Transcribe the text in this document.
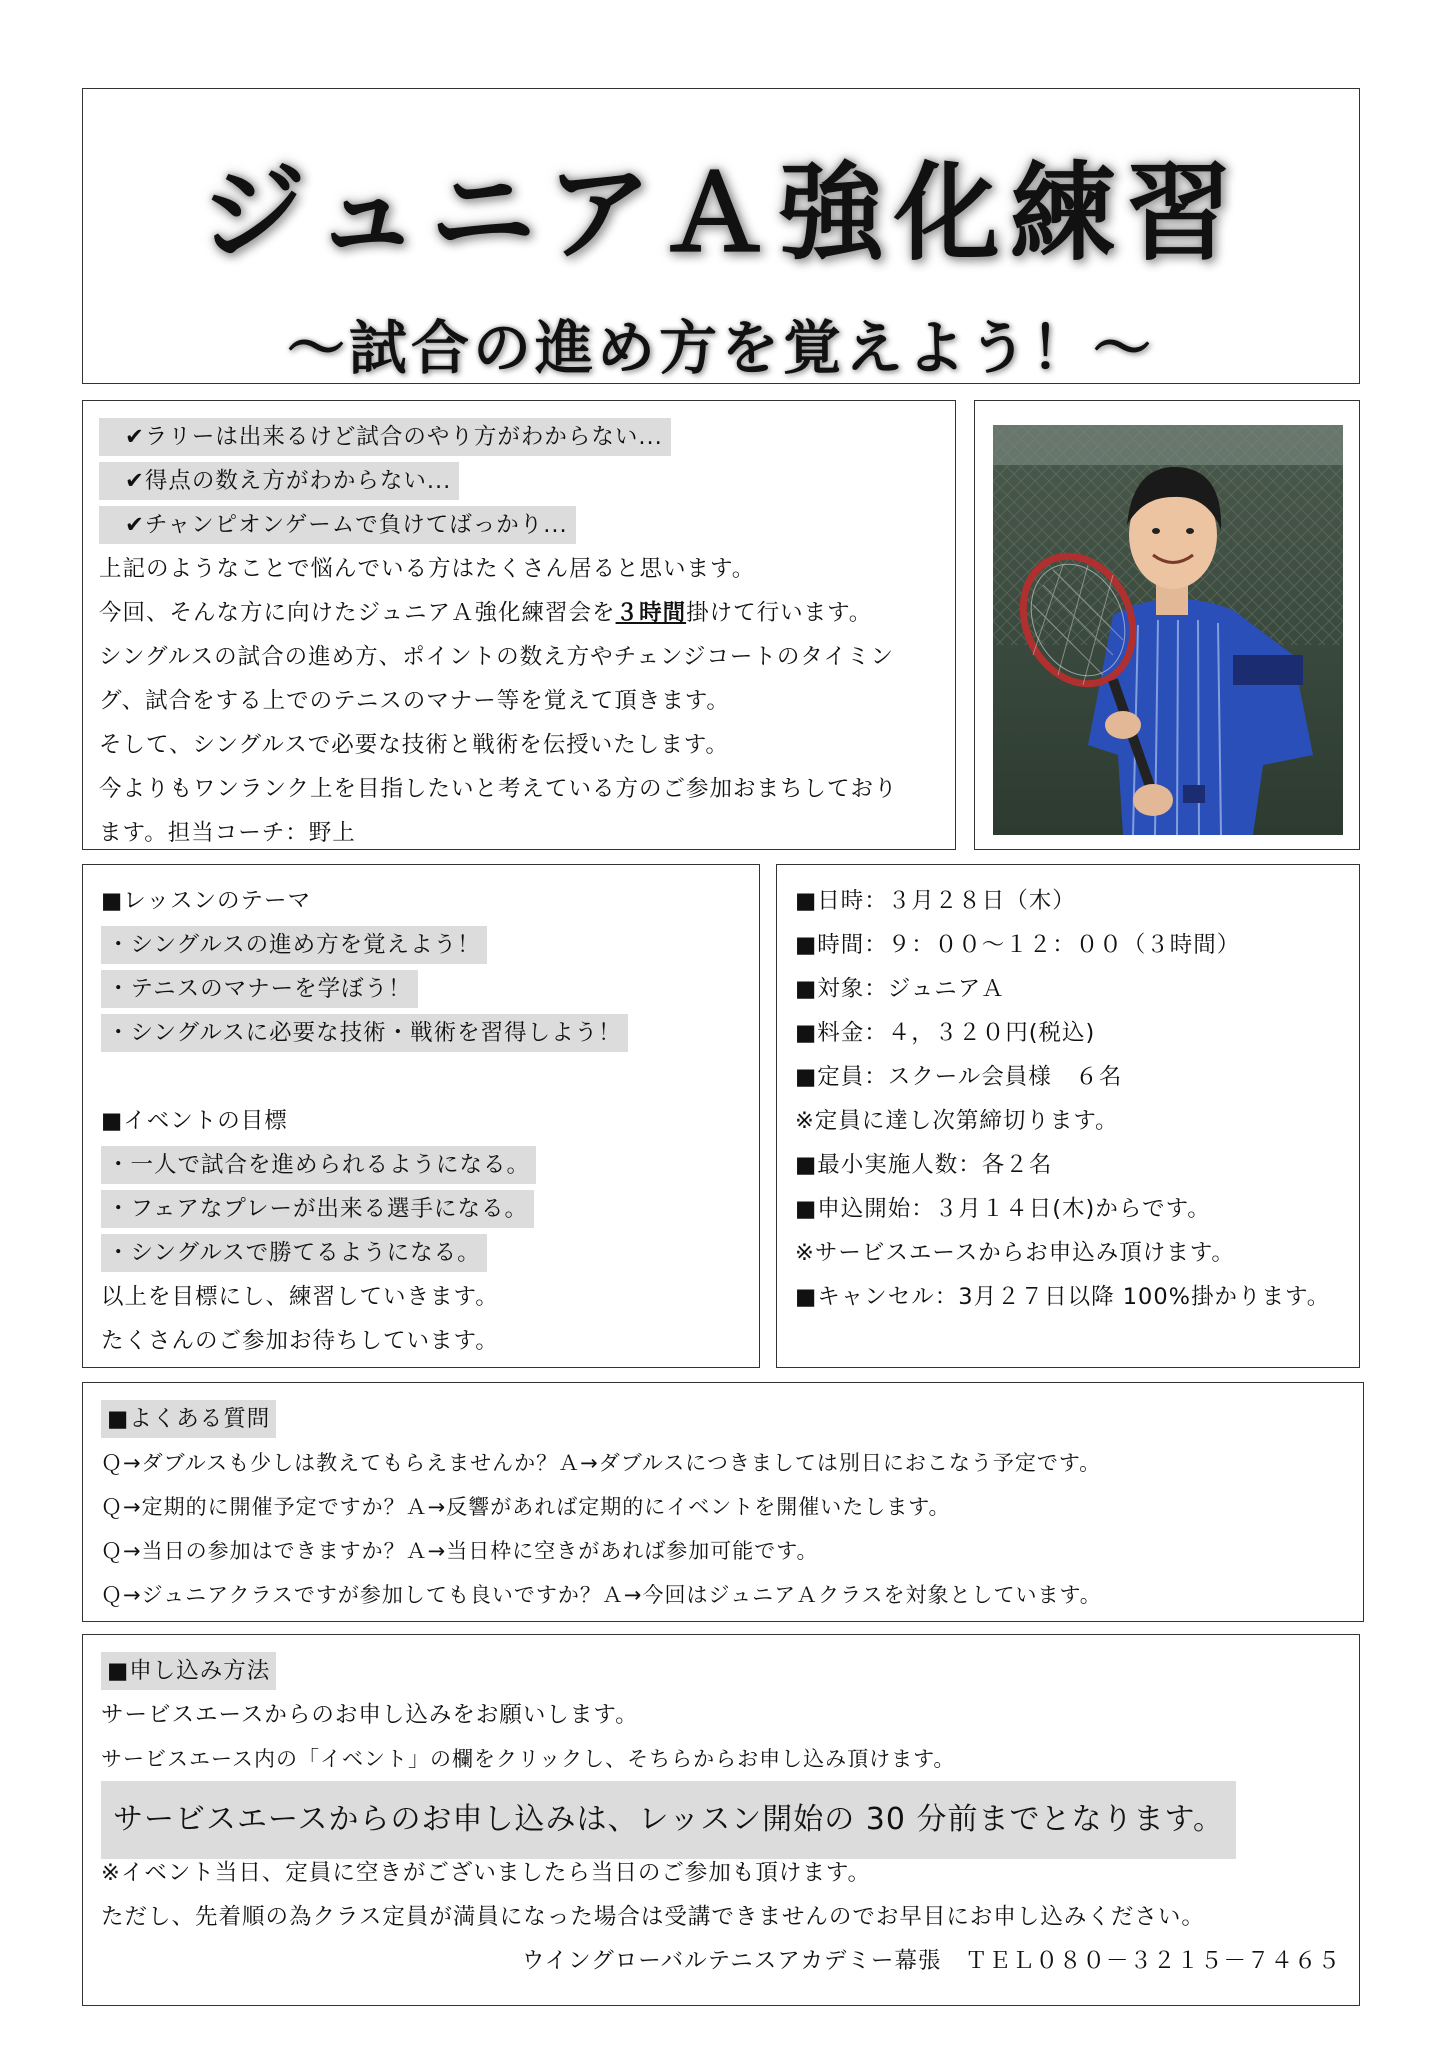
ジュニアＡ強化練習
～試合の進め方を覚えよう！～
✔ラリーは出来るけど試合のやり方がわからない...
✔得点の数え方がわからない...
✔チャンピオンゲームで負けてばっかり...
上記のようなことで悩んでいる方はたくさん居ると思います。
今回、そんな方に向けたジュニアＡ強化練習会を３時間掛けて行います。
シングルスの試合の進め方、ポイントの数え方やチェンジコートのタイミン
グ、試合をする上でのテニスのマナー等を覚えて頂きます。
そして、シングルスで必要な技術と戦術を伝授いたします。
今よりもワンランク上を目指したいと考えている方のご参加おまちしており
ます。担当コーチ：野上
■レッスンのテーマ
・シングルスの進め方を覚えよう！
・テニスのマナーを学ぼう！
・シングルスに必要な技術・戦術を習得しよう！
■イベントの目標
・一人で試合を進められるようになる。
・フェアなプレーが出来る選手になる。
・シングルスで勝てるようになる。
以上を目標にし、練習していきます。
たくさんのご参加お待ちしています。
■日時：３月２８日（木）
■時間：９：００～１２：００（３時間）
■対象：ジュニアＡ
■料金：４，３２０円(税込)
■定員：スクール会員様　６名
※定員に達し次第締切ります。
■最小実施人数：各２名
■申込開始：３月１４日(木)からです。
※サービスエースからお申込み頂けます。
■キャンセル：3月２７日以降 100%掛かります。
■よくある質問
Ｑ→ダブルスも少しは教えてもらえませんか？Ａ→ダブルスにつきましては別日におこなう予定です。
Ｑ→定期的に開催予定ですか？Ａ→反響があれば定期的にイベントを開催いたします。
Ｑ→当日の参加はできますか？Ａ→当日枠に空きがあれば参加可能です。
Ｑ→ジュニアクラスですが参加しても良いですか？Ａ→今回はジュニアＡクラスを対象としています。
■申し込み方法
サービスエースからのお申し込みをお願いします。
サービスエース内の「イベント」の欄をクリックし、そちらからお申し込み頂けます。
サービスエースからのお申し込みは、レッスン開始の 30 分前までとなります。
※イベント当日、定員に空きがございましたら当日のご参加も頂けます。
ただし、先着順の為クラス定員が満員になった場合は受講できませんのでお早目にお申し込みください。
ウイングローバルテニスアカデミー幕張　ＴＥＬ０８０－３２１５－７４６５
